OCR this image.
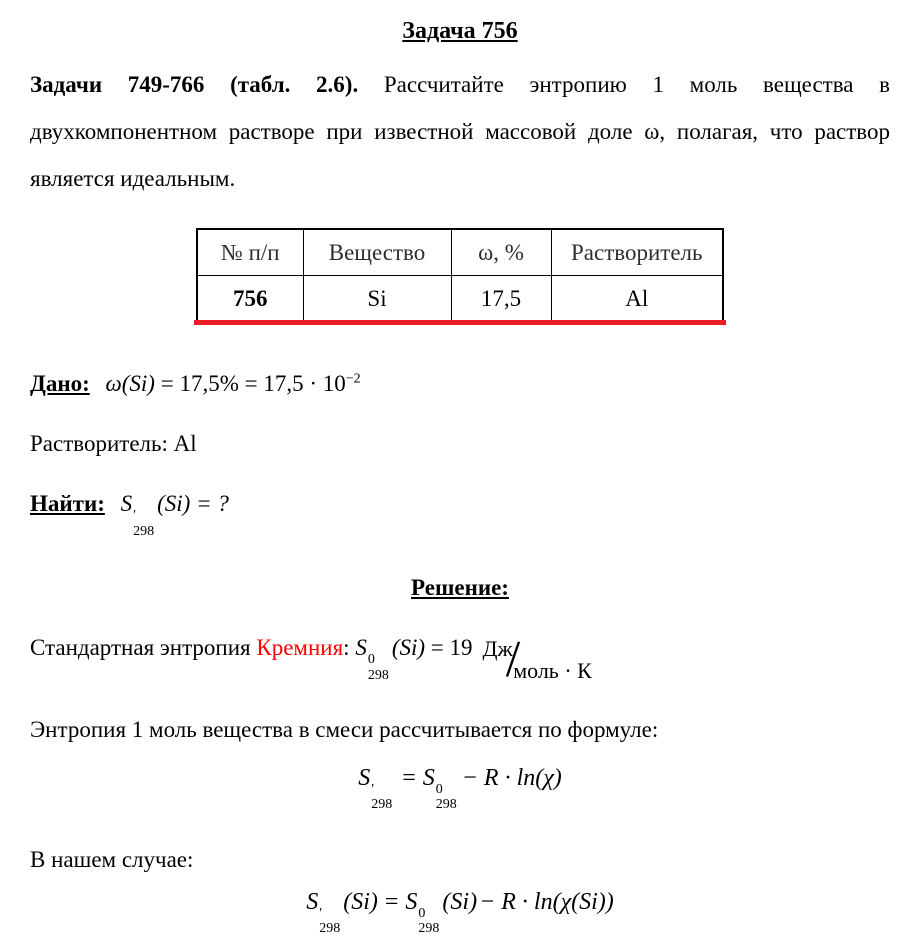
Задача 756

Задачи 749-766 (табл. 2.6). Рассчитайте энтропию 1 моль вещества в двухкомпонентном растворе при известной массовой доле ω, полагая, что раствор является идеальным.

№ п/п	Вещество	ω, %	Растворитель
756	Si	17,5	Al
Дано: $\omega(Si) = 17,5\% = 17,5 \cdot 10^{-2}$
Растворитель: Al
Найти: S ′
298
(Si) = ?
Решение:
Стандартная энтропия Кремния: S 0
298
(Si) = 19 Дж
/
моль · К
Энтропия 1 моль вещества в смеси рассчитывается по формуле:
S ′
298
= S 0
298
− R · ln(χ)
В нашем случае:
S ′
298
(Si) = S 0
298
(Si)− R · ln(χ(Si))
